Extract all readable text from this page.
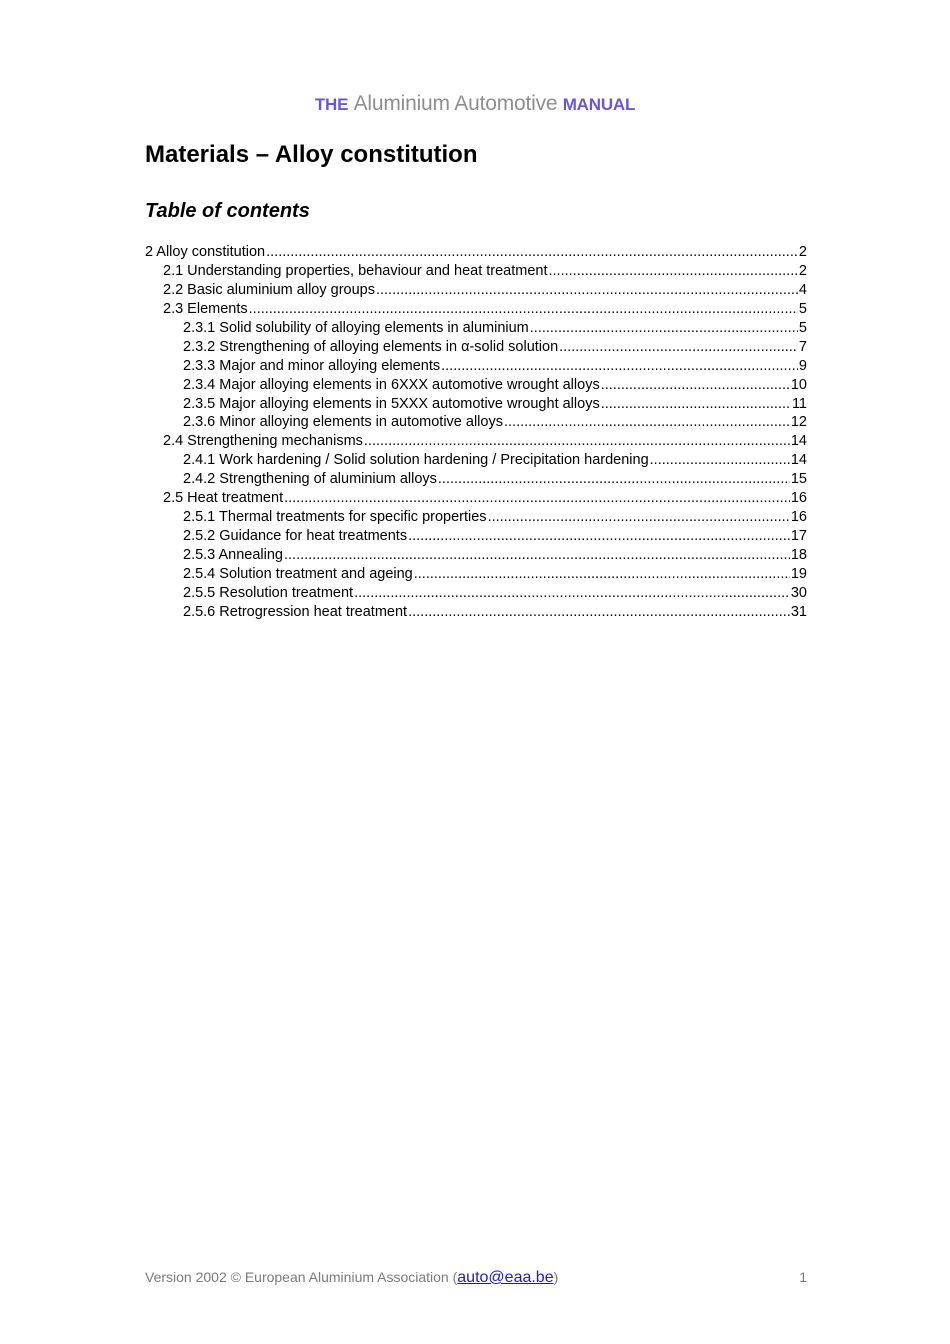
THE Aluminium Automotive MANUAL
Materials – Alloy constitution
Table of contents
2 Alloy constitution .....	2
2.1 Understanding properties, behaviour and heat treatment .....	2
2.2 Basic aluminium alloy groups .....	4
2.3 Elements .....	5
2.3.1 Solid solubility of alloying elements in aluminium .....	5
2.3.2 Strengthening of alloying elements in α-solid solution .....	7
2.3.3 Major and minor alloying elements .....	9
2.3.4 Major alloying elements in 6XXX automotive wrought alloys .....	10
2.3.5 Major alloying elements in 5XXX automotive wrought alloys .....	11
2.3.6 Minor alloying elements in automotive alloys .....	12
2.4 Strengthening mechanisms .....	14
2.4.1 Work hardening / Solid solution hardening / Precipitation hardening .....	14
2.4.2 Strengthening of aluminium alloys .....	15
2.5 Heat treatment .....	16
2.5.1 Thermal treatments for specific properties .....	16
2.5.2 Guidance for heat treatments .....	17
2.5.3 Annealing .....	18
2.5.4 Solution treatment and ageing .....	19
2.5.5 Resolution treatment .....	30
2.5.6 Retrogression heat treatment .....	31
Version 2002 © European Aluminium Association (auto@eaa.be)	1
